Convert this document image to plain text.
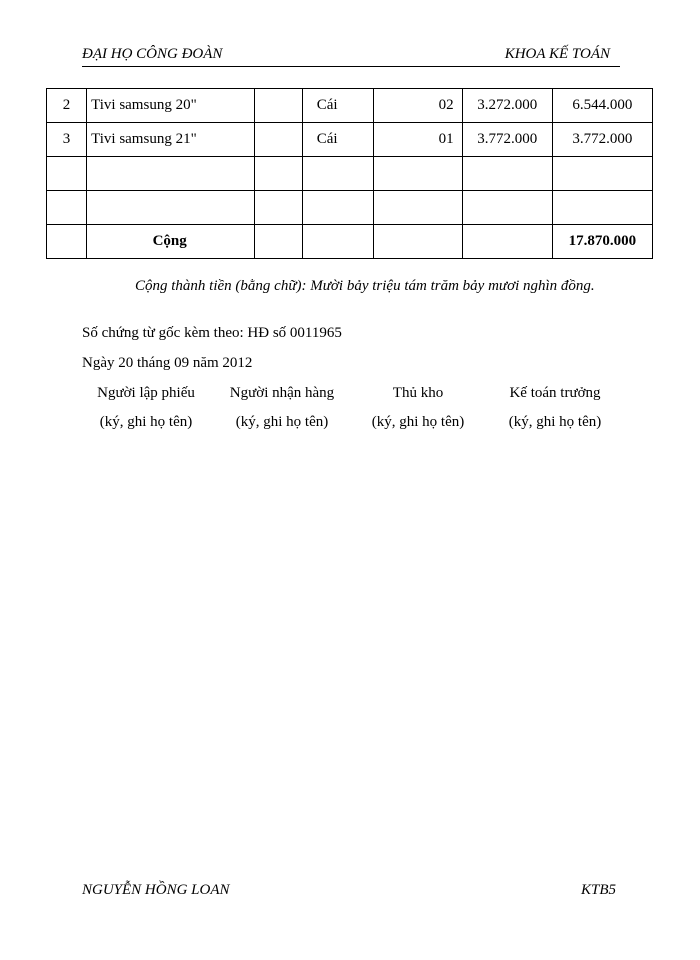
ĐẠI HỌ CÔNG ĐOÀN	KHOA KẾ TOÁN
2	Tivi samsung 20"		Cái	02	3.272.000	6.544.000
3	Tivi samsung 21"		Cái	01	3.772.000	3.772.000

	Cộng					17.870.000
Cộng thành tiền (bằng chữ): Mười bảy triệu tám trăm bảy mươi nghìn đồng.
Số chứng từ gốc kèm theo: HĐ số 0011965
Ngày 20 tháng 09 năm 2012
Người lập phiếu	Người nhận hàng	Thủ kho	Kế toán trưởng
(ký, ghi họ tên)	(ký, ghi họ tên)	(ký, ghi họ tên)	(ký, ghi họ tên)
NGUYỄN HỒNG LOAN	KTB5
